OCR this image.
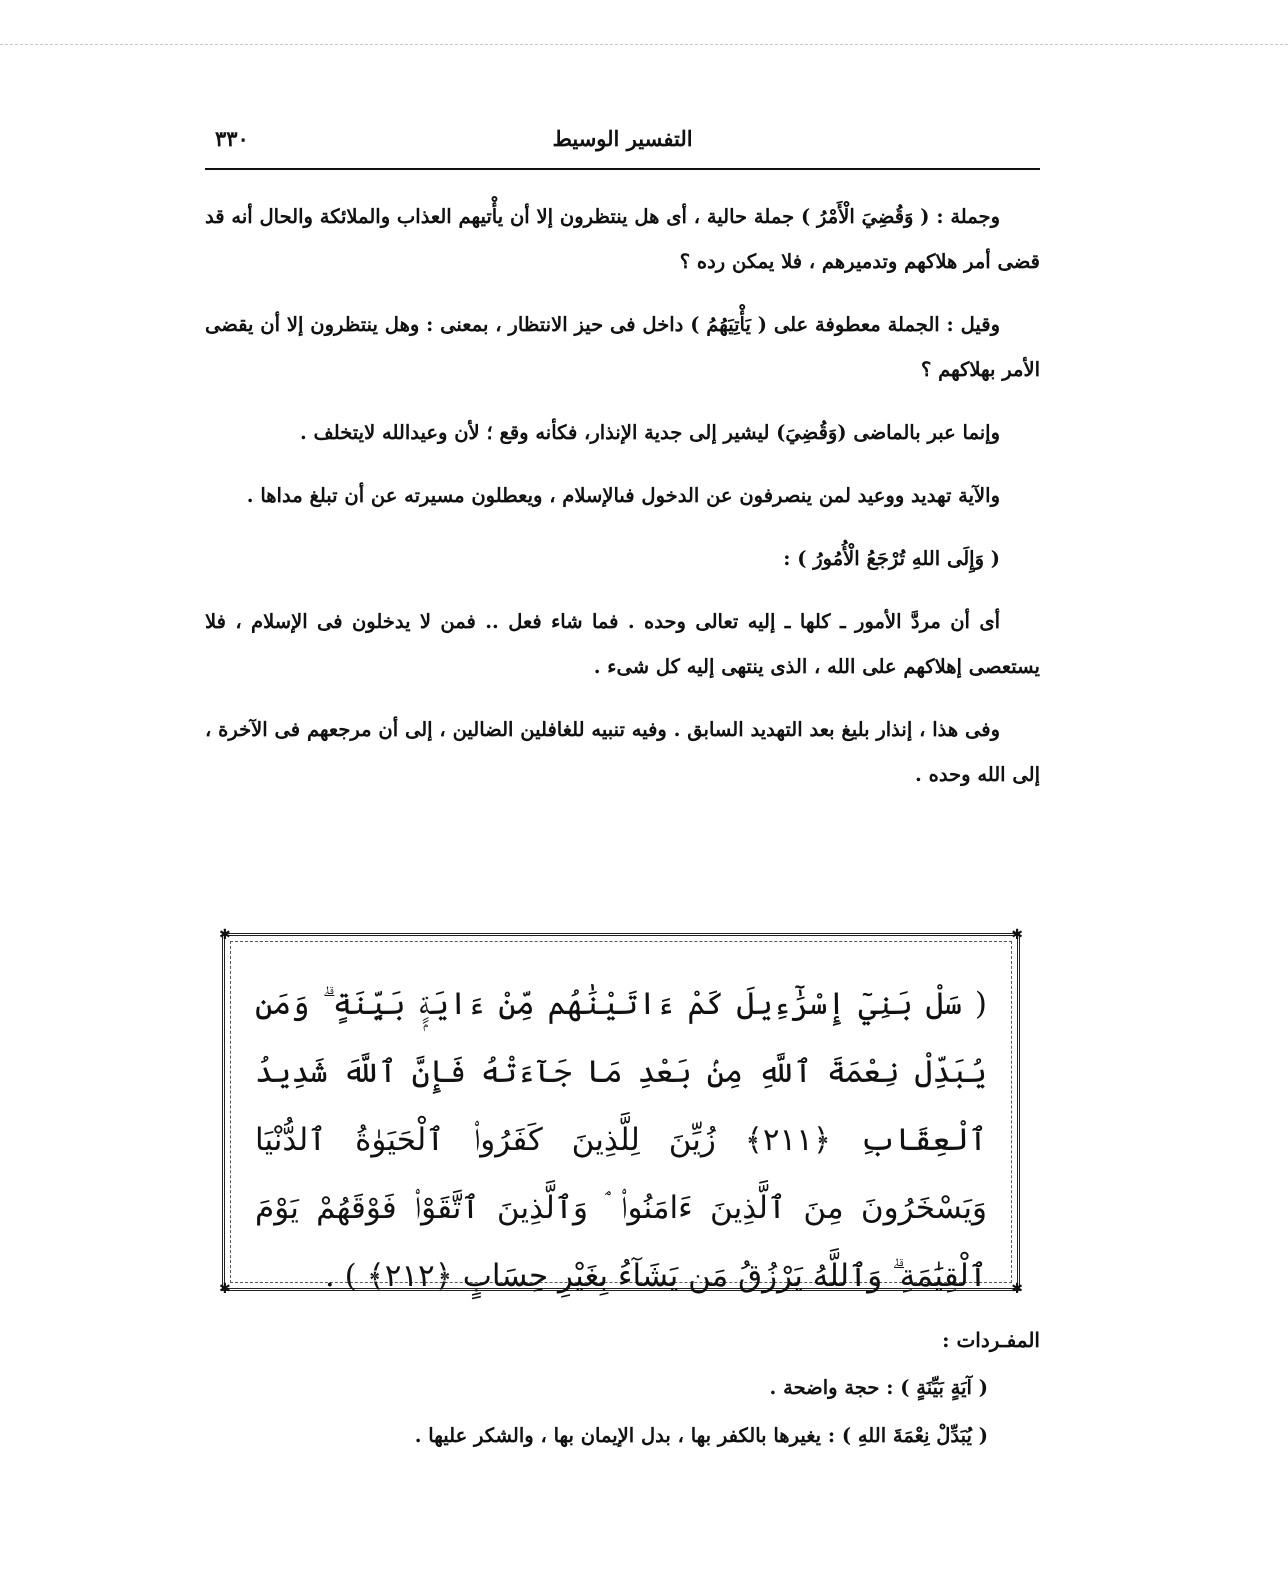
التفسير الوسيط
٣٣٠

وجملة : ( وَقُضِيَ الْأَمْرُ ) جملة حالية ، أى هل ينتظرون إلا أن يأْتيهم العذاب والملائكة والحال أنه قد قضى أمر هلاكهم وتدميرهم ، فلا يمكن رده ؟

وقيل : الجملة معطوفة على ( يَأْتِيَهُمُ ) داخل فى حيز الانتظار ، بمعنى : وهل ينتظرون إلا أن يقضى الأمر بهلاكهم ؟

وإنما عبر بالماضى (وَقُضِيَ) ليشير إلى جدية الإنذار، فكأنه وقع ؛ لأن وعيدالله لايتخلف .

والآية تهديد ووعيد لمن ينصرفون عن الدخول فىالإسلام ، ويعطلون مسيرته عن أن تبلغ مداها .

( وَإِلَى اللهِ تُرْجَعُ الْأُمُورُ ) :

أى أن مردَّ الأمور ـ كلها ـ إليه تعالى وحده . فما شاء فعل .. فمن لا يدخلون فى الإسلام ، فلا يستعصى إهلاكهم على الله ، الذى ينتهى إليه كل شىء .

وفى هذا ، إنذار بليغ بعد التهديد السابق . وفيه تنبيه للغافلين الضالين ، إلى أن مرجعهم فى الآخرة ، إلى الله وحده .

✱	✱
✱	✱
( سَلْ بَنِيٓ إِسْرَٰٓءِيلَ كَمْ ءَاتَيْنَٰهُم مِّنْ ءَايَةٍۭ بَيِّنَةٍ ۗ وَمَن يُبَدِّلْ نِعْمَةَ ٱللَّهِ مِنۢ بَعْدِ مَا جَآءَتْهُ فَإِنَّ ٱللَّهَ شَدِيدُ ٱلْعِقَابِ ﴿٢١١﴾ زُيِّنَ لِلَّذِينَ كَفَرُوا۟ ٱلْحَيَوٰةُ ٱلدُّنْيَا وَيَسْخَرُونَ مِنَ ٱلَّذِينَ ءَامَنُوا۟ ۘ وَٱلَّذِينَ ٱتَّقَوْا۟ فَوْقَهُمْ يَوْمَ ٱلْقِيَٰمَةِ ۗ وَٱللَّهُ يَرْزُقُ مَن يَشَآءُ بِغَيْرِ حِسَابٍ ﴿٢١٢﴾ ) .
المفـردات :
( آيَةٍ بَيِّنَةٍ ) : حجة واضحة .
( يُبَدِّلْ نِعْمَةَ اللهِ ) : يغيرها بالكفر بها ، بدل الإيمان بها ، والشكر عليها .
